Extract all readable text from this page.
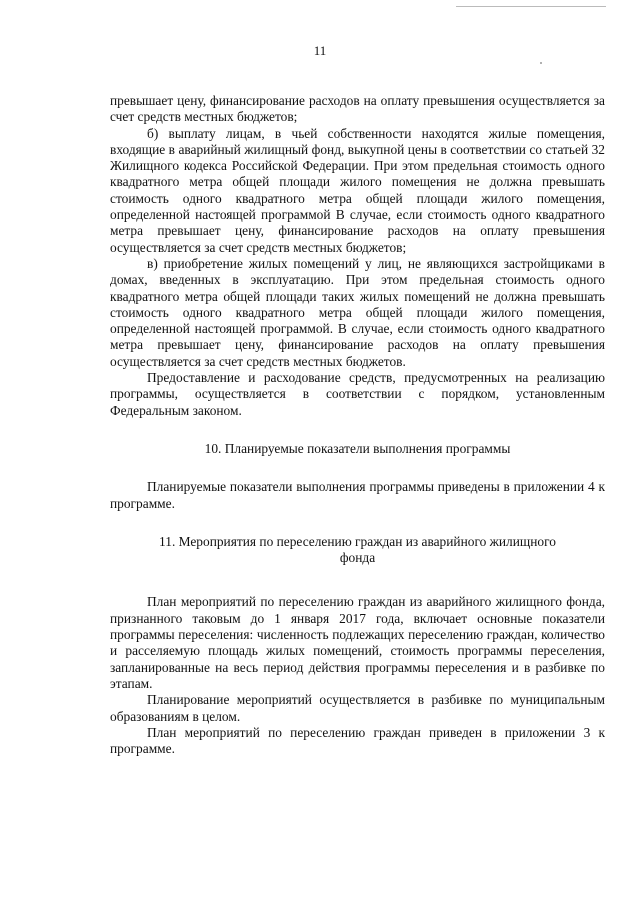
11

превышает цену, финансирование расходов на оплату превышения осуществляется за счет средств местных бюджетов;

б) выплату лицам, в чьей собственности находятся жилые помещения, входящие в аварийный жилищный фонд, выкупной цены в соответствии со статьей 32 Жилищного кодекса Российской Федерации. При этом предельная стоимость одного квадратного метра общей площади жилого помещения не должна превышать стоимость одного квадратного метра общей площади жилого помещения, определенной настоящей программой В случае, если стоимость одного квадратного метра превышает цену, финансирование расходов на оплату превышения осуществляется за счет средств местных бюджетов;

в) приобретение жилых помещений у лиц, не являющихся застройщиками в домах, введенных в эксплуатацию. При этом предельная стоимость одного квадратного метра общей площади таких жилых помещений не должна превышать стоимость одного квадратного метра общей площади жилого помещения, определенной настоящей программой. В случае, если стоимость одного квадратного метра превышает цену, финансирование расходов на оплату превышения осуществляется за счет средств местных бюджетов.

Предоставление и расходование средств, предусмотренных на реализацию программы, осуществляется в соответствии с порядком, установленным Федеральным законом.

10. Планируемые показатели выполнения программы

Планируемые показатели выполнения программы приведены в приложении 4 к программе.

11. Мероприятия по переселению граждан из аварийного жилищного

фонда

План мероприятий по переселению граждан из аварийного жилищного фонда, признанного таковым до 1 января 2017 года, включает основные показатели программы переселения: численность подлежащих переселению граждан, количество и расселяемую площадь жилых помещений, стоимость программы переселения, запланированные на весь период действия программы переселения и в разбивке по этапам.

Планирование мероприятий осуществляется в разбивке по муниципальным образованиям в целом.

План мероприятий по переселению граждан приведен в приложении 3 к программе.
